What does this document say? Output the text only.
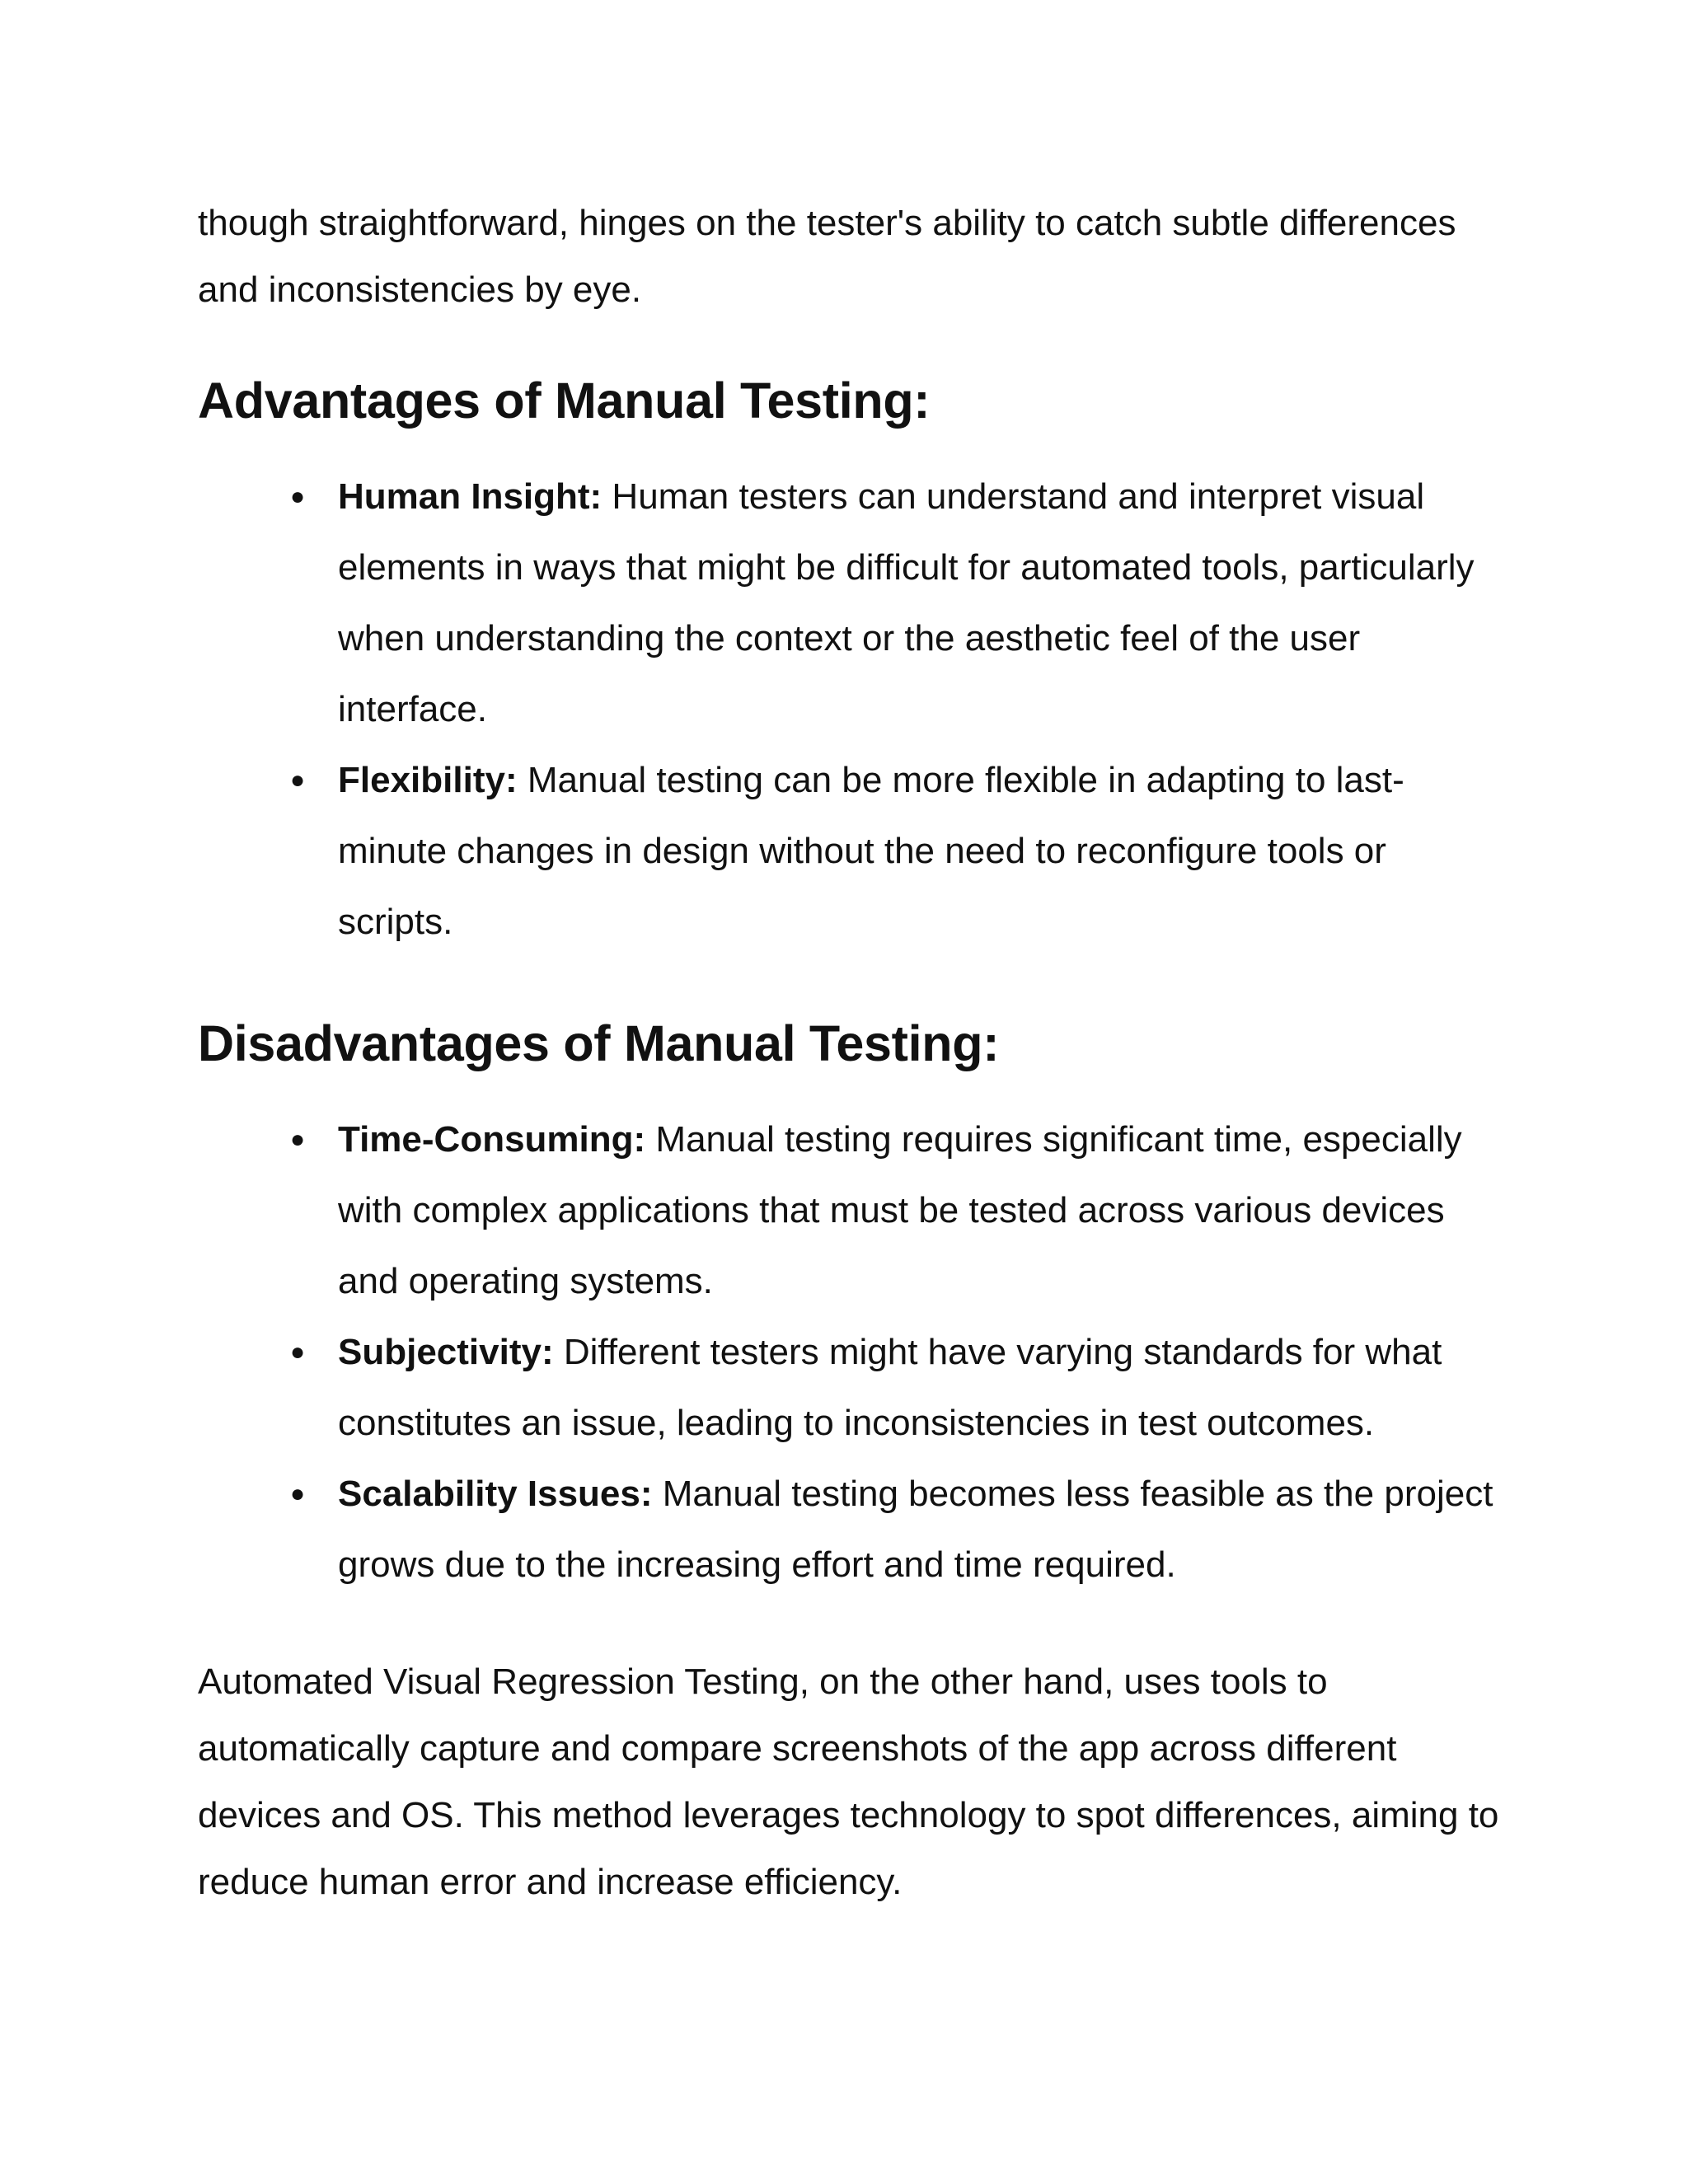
though straightforward, hinges on the tester's ability to catch subtle differences and inconsistencies by eye.

Advantages of Manual Testing:
● Human Insight: Human testers can understand and interpret visual elements in ways that might be difficult for automated tools, particularly when understanding the context or the aesthetic feel of the user interface.
● Flexibility: Manual testing can be more flexible in adapting to last-minute changes in design without the need to reconfigure tools or scripts.
Disadvantages of Manual Testing:
● Time-Consuming: Manual testing requires significant time, especially with complex applications that must be tested across various devices and operating systems.
● Subjectivity: Different testers might have varying standards for what constitutes an issue, leading to inconsistencies in test outcomes.
● Scalability Issues: Manual testing becomes less feasible as the project grows due to the increasing effort and time required.

Automated Visual Regression Testing, on the other hand, uses tools to automatically capture and compare screenshots of the app across different devices and OS. This method leverages technology to spot differences, aiming to reduce human error and increase efficiency.
